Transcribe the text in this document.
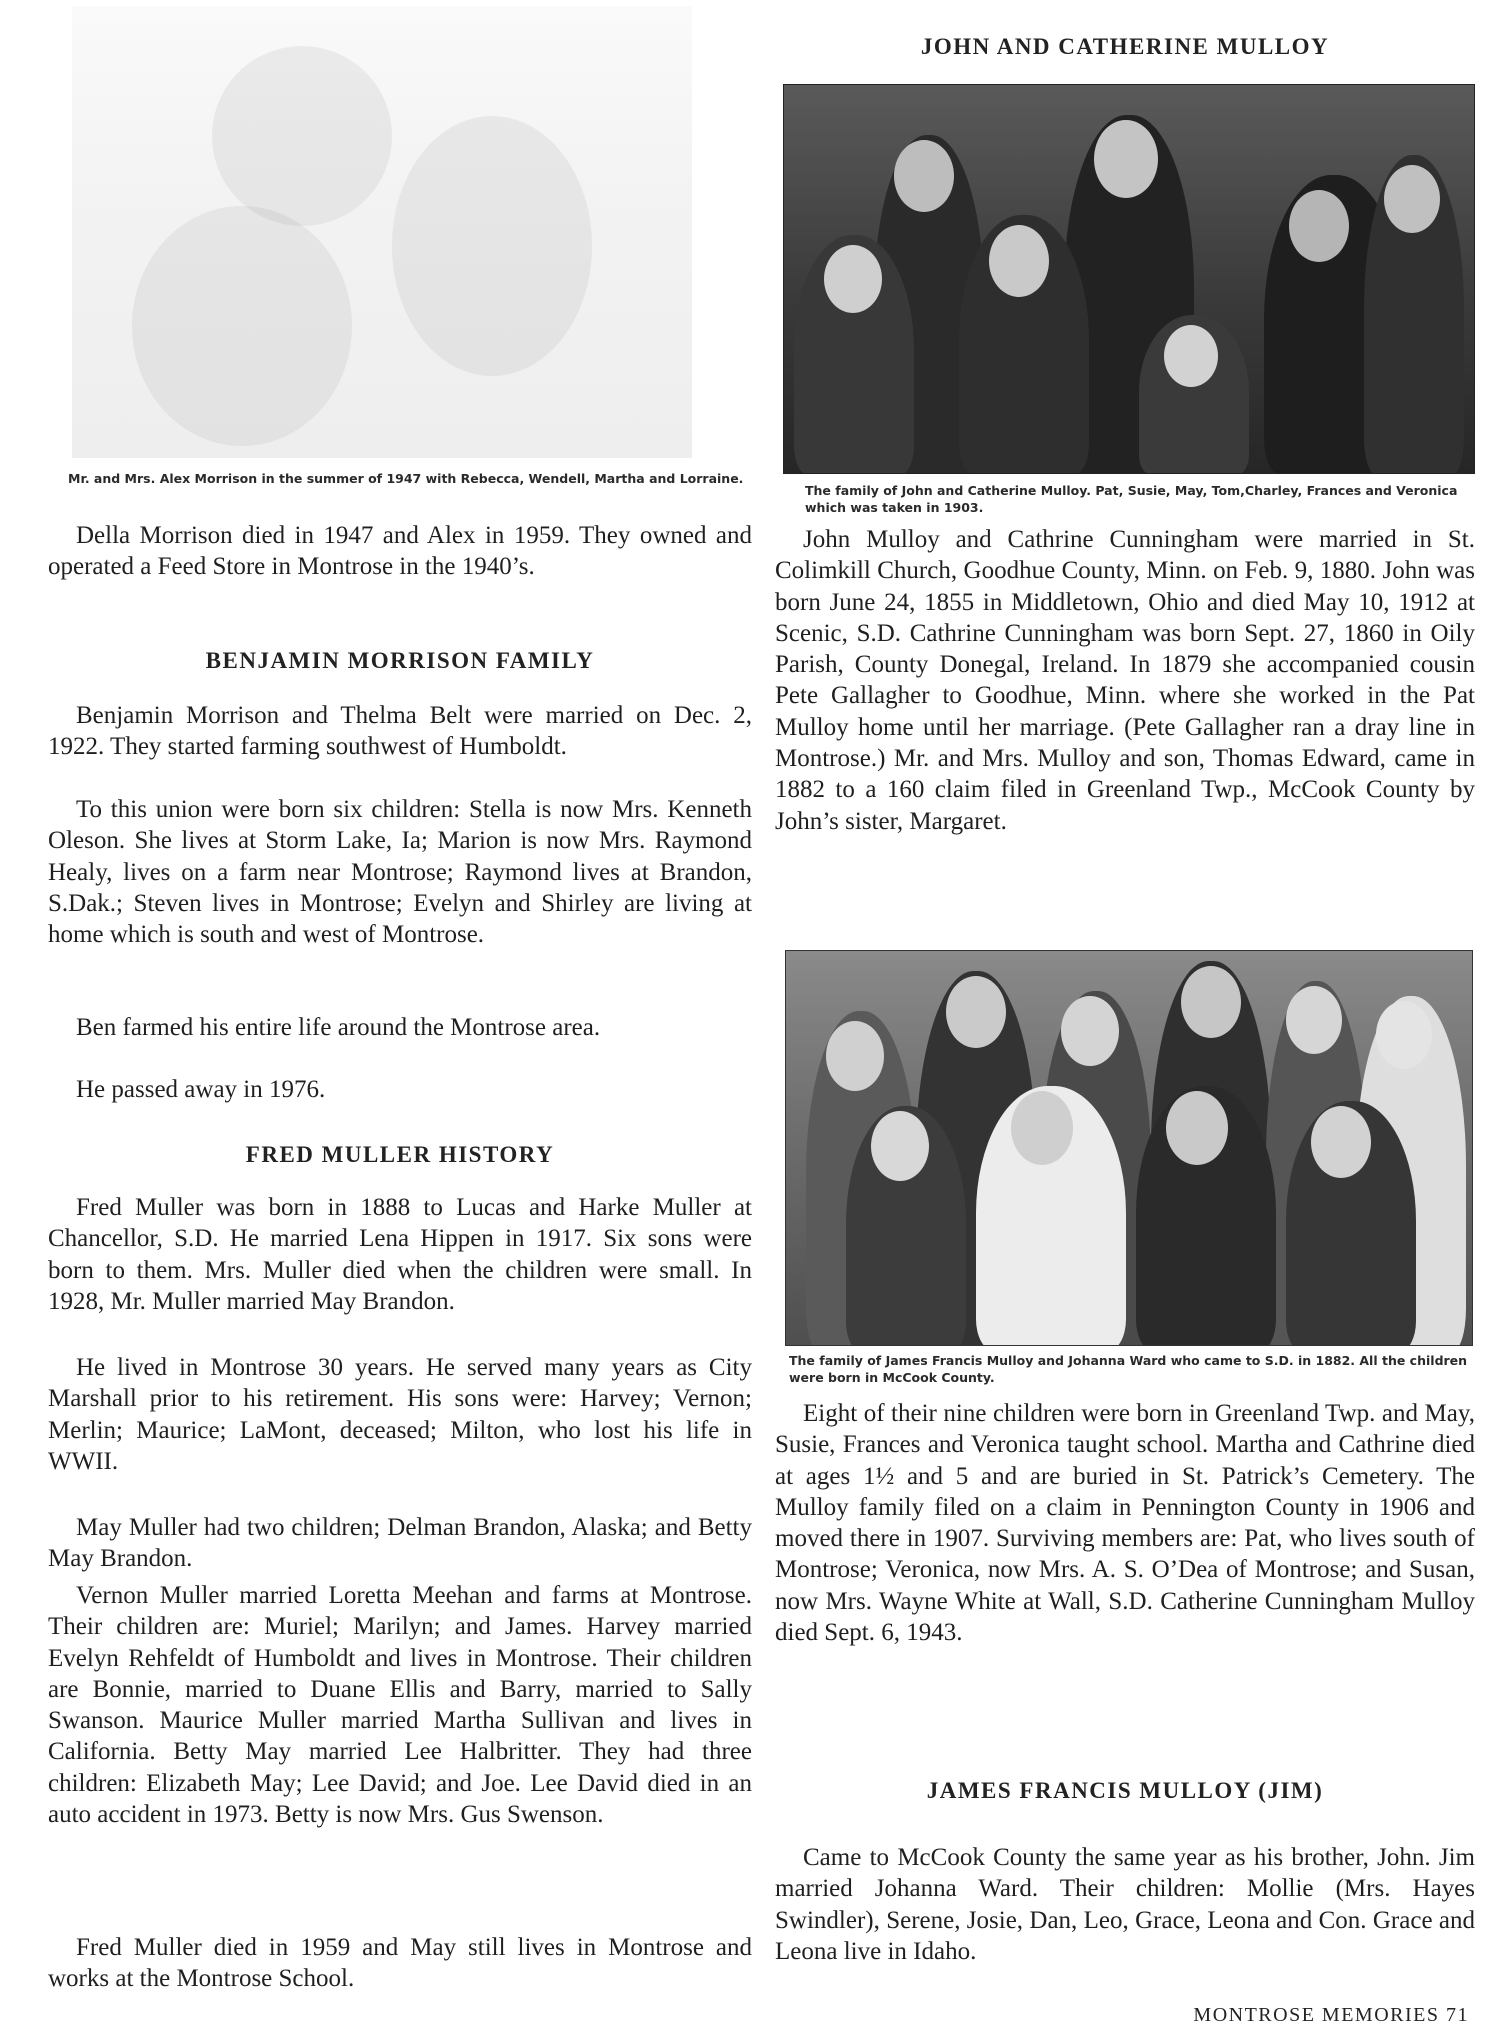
Mr. and Mrs. Alex Morrison in the summer of 1947 with Rebecca, Wendell, Martha and Lorraine.

Della Morrison died in 1947 and Alex in 1959. They owned and operated a Feed Store in Montrose in the 1940’s.

BENJAMIN MORRISON FAMILY

Benjamin Morrison and Thelma Belt were married on Dec. 2, 1922. They started farming southwest of Humboldt.

To this union were born six children: Stella is now Mrs. Kenneth Oleson. She lives at Storm Lake, Ia; Marion is now Mrs. Raymond Healy, lives on a farm near Montrose; Raymond lives at Brandon, S.Dak.; Steven lives in Montrose; Evelyn and Shirley are living at home which is south and west of Montrose.

Ben farmed his entire life around the Montrose area.

He passed away in 1976.

FRED MULLER HISTORY

Fred Muller was born in 1888 to Lucas and Harke Muller at Chancellor, S.D. He married Lena Hippen in 1917. Six sons were born to them. Mrs. Muller died when the children were small. In 1928, Mr. Muller married May Brandon.

He lived in Montrose 30 years. He served many years as City Marshall prior to his retirement. His sons were: Harvey; Vernon; Merlin; Maurice; LaMont, deceased; Milton, who lost his life in WWII.

May Muller had two children; Delman Brandon, Alaska; and Betty May Brandon.

Vernon Muller married Loretta Meehan and farms at Montrose. Their children are: Muriel; Marilyn; and James. Harvey married Evelyn Rehfeldt of Humboldt and lives in Montrose. Their children are Bonnie, married to Duane Ellis and Barry, married to Sally Swanson. Maurice Muller married Martha Sullivan and lives in California. Betty May married Lee Halbritter. They had three children: Elizabeth May; Lee David; and Joe. Lee David died in an auto accident in 1973. Betty is now Mrs. Gus Swenson.

Fred Muller died in 1959 and May still lives in Montrose and works at the Montrose School.

JOHN AND CATHERINE MULLOY

The family of John and Catherine Mulloy. Pat, Susie, May, Tom,Charley, Frances and Veronica which was taken in 1903.

John Mulloy and Cathrine Cunningham were married in St. Colimkill Church, Goodhue County, Minn. on Feb. 9, 1880. John was born June 24, 1855 in Middletown, Ohio and died May 10, 1912 at Scenic, S.D. Cathrine Cunningham was born Sept. 27, 1860 in Oily Parish, County Donegal, Ireland. In 1879 she accompanied cousin Pete Gallagher to Goodhue, Minn. where she worked in the Pat Mulloy home until her marriage. (Pete Gallagher ran a dray line in Montrose.) Mr. and Mrs. Mulloy and son, Thomas Edward, came in 1882 to a 160 claim filed in Greenland Twp., McCook County by John’s sister, Margaret.

The family of James Francis Mulloy and Johanna Ward who came to S.D. in 1882. All the children were born in McCook County.

Eight of their nine children were born in Greenland Twp. and May, Susie, Frances and Veronica taught school. Martha and Cathrine died at ages 1½ and 5 and are buried in St. Patrick’s Cemetery. The Mulloy family filed on a claim in Pennington County in 1906 and moved there in 1907. Surviving members are: Pat, who lives south of Montrose; Veronica, now Mrs. A. S. O’Dea of Montrose; and Susan, now Mrs. Wayne White at Wall, S.D. Catherine Cunningham Mulloy died Sept. 6, 1943.

JAMES FRANCIS MULLOY (JIM)

Came to McCook County the same year as his brother, John. Jim married Johanna Ward. Their children: Mollie (Mrs. Hayes Swindler), Serene, Josie, Dan, Leo, Grace, Leona and Con. Grace and Leona live in Idaho.

MONTROSE MEMORIES 71
